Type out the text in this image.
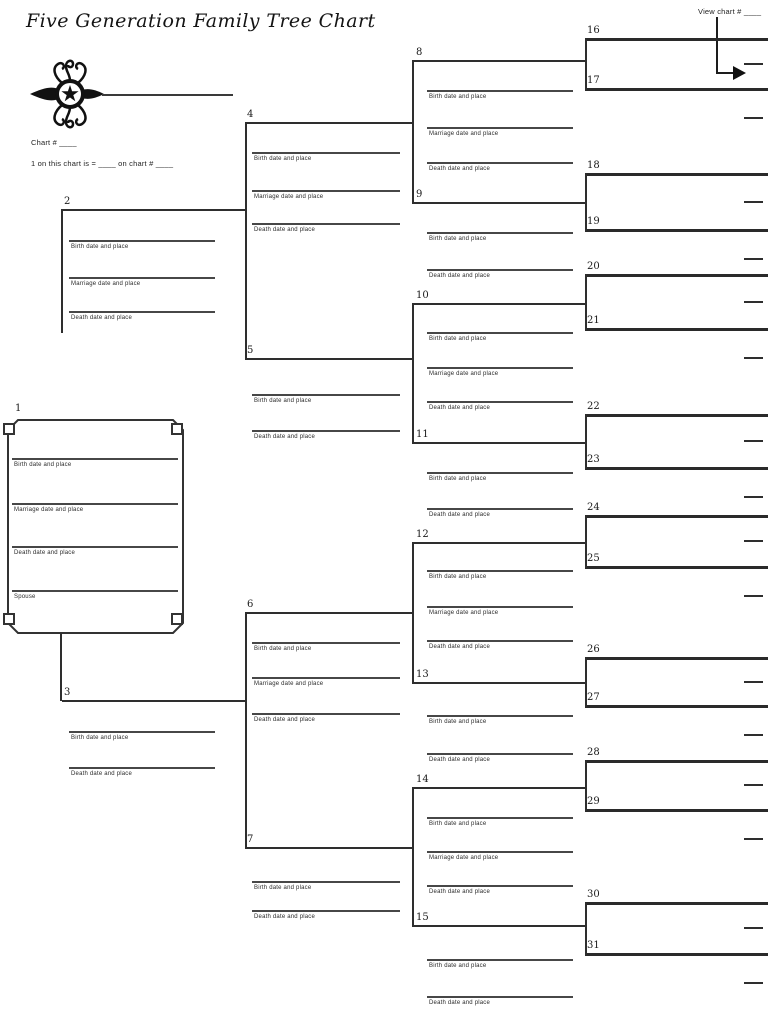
Five Generation Family Tree Chart
Chart # ____
1 on this chart is = ____ on chart # ____
View chart # ____
2
Birth date and place
Marriage date and place
Death date and place
3
Birth date and place
Death date and place
4
Birth date and place
Marriage date and place
Death date and place
5
Birth date and place
Death date and place
6
Birth date and place
Marriage date and place
Death date and place
7
Birth date and place
Death date and place
8
Birth date and place
Marriage date and place
Death date and place
9
Birth date and place
Death date and place
10
Birth date and place
Marriage date and place
Death date and place
11
Birth date and place
Death date and place
12
Birth date and place
Marriage date and place
Death date and place
13
Birth date and place
Death date and place
14
Birth date and place
Marriage date and place
Death date and place
15
Birth date and place
Death date and place
16
17
18
19
20
21
22
23
24
25
26
27
28
29
30
31
1
Birth date and place
Marriage date and place
Death date and place
Spouse
